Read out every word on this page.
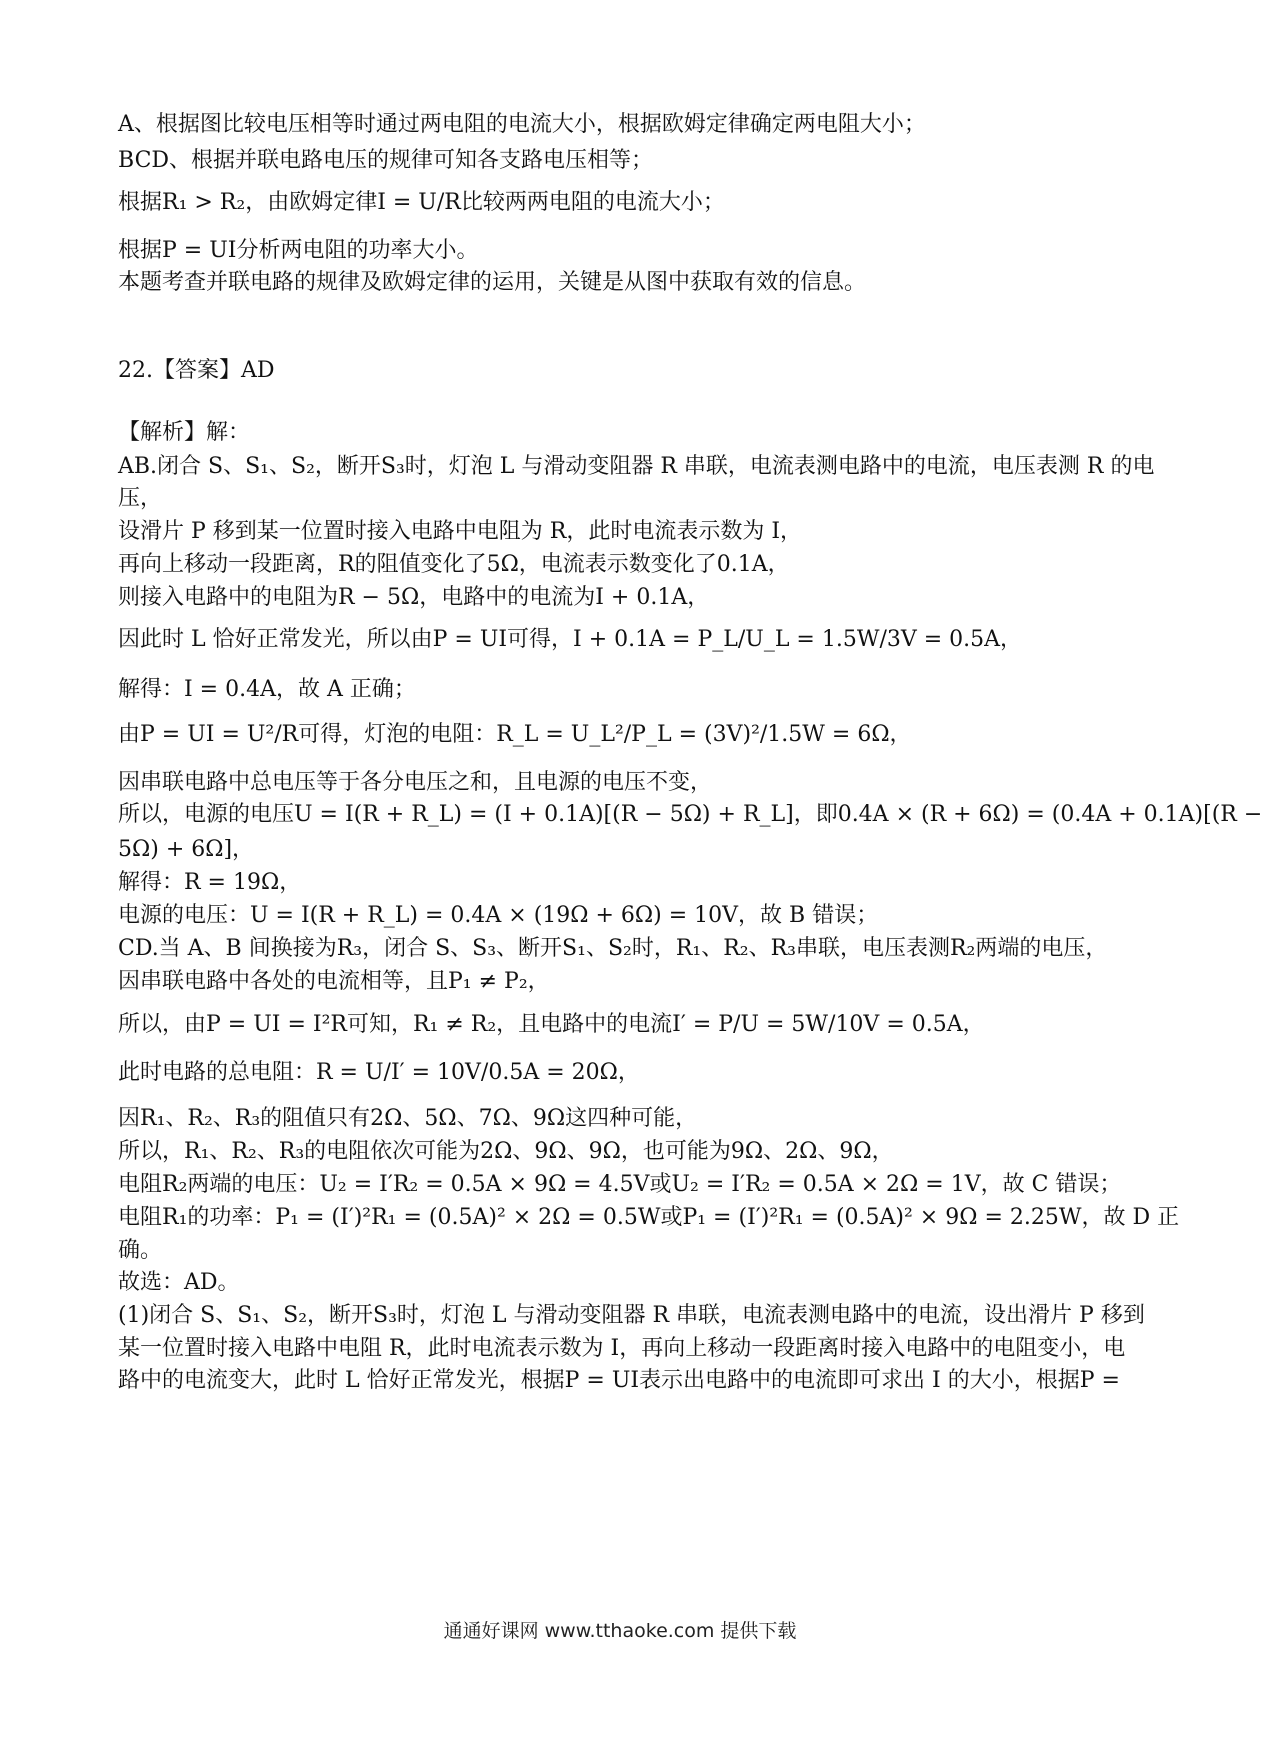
A、根据图比较电压相等时通过两电阻的电流大小，根据欧姆定律确定两电阻大小；
BCD、根据并联电路电压的规律可知各支路电压相等；
根据R₁ > R₂，由欧姆定律I = U/R比较两两电阻的电流大小；
根据P = UI分析两电阻的功率大小。
本题考查并联电路的规律及欧姆定律的运用，关键是从图中获取有效的信息。
22.【答案】AD
【解析】解：
AB.闭合 S、S₁、S₂，断开S₃时，灯泡 L 与滑动变阻器 R 串联，电流表测电路中的电流，电压表测 R 的电
压，
设滑片 P 移到某一位置时接入电路中电阻为 R，此时电流表示数为 I，
再向上移动一段距离，R的阻值变化了5Ω，电流表示数变化了0.1A，
则接入电路中的电阻为R − 5Ω，电路中的电流为I + 0.1A，
因此时 L 恰好正常发光，所以由P = UI可得，I + 0.1A = P_L/U_L = 1.5W/3V = 0.5A，
解得：I = 0.4A，故 A 正确；
由P = UI = U²/R可得，灯泡的电阻：R_L = U_L²/P_L = (3V)²/1.5W = 6Ω，
因串联电路中总电压等于各分电压之和，且电源的电压不变，
所以，电源的电压U = I(R + R_L) = (I + 0.1A)[(R − 5Ω) + R_L]，即0.4A × (R + 6Ω) = (0.4A + 0.1A)[(R −
5Ω) + 6Ω]，
解得：R = 19Ω，
电源的电压：U = I(R + R_L) = 0.4A × (19Ω + 6Ω) = 10V，故 B 错误；
CD.当 A、B 间换接为R₃，闭合 S、S₃、断开S₁、S₂时，R₁、R₂、R₃串联，电压表测R₂两端的电压，
因串联电路中各处的电流相等，且P₁ ≠ P₂，
所以，由P = UI = I²R可知，R₁ ≠ R₂，且电路中的电流I′ = P/U = 5W/10V = 0.5A，
此时电路的总电阻：R = U/I′ = 10V/0.5A = 20Ω，
因R₁、R₂、R₃的阻值只有2Ω、5Ω、7Ω、9Ω这四种可能，
所以，R₁、R₂、R₃的电阻依次可能为2Ω、9Ω、9Ω，也可能为9Ω、2Ω、9Ω，
电阻R₂两端的电压：U₂ = I′R₂ = 0.5A × 9Ω = 4.5V或U₂ = I′R₂ = 0.5A × 2Ω = 1V，故 C 错误；
电阻R₁的功率：P₁ = (I′)²R₁ = (0.5A)² × 2Ω = 0.5W或P₁ = (I′)²R₁ = (0.5A)² × 9Ω = 2.25W，故 D 正
确。
故选：AD。
(1)闭合 S、S₁、S₂，断开S₃时，灯泡 L 与滑动变阻器 R 串联，电流表测电路中的电流，设出滑片 P 移到
某一位置时接入电路中电阻 R，此时电流表示数为 I，再向上移动一段距离时接入电路中的电阻变小，电
路中的电流变大，此时 L 恰好正常发光，根据P = UI表示出电路中的电流即可求出 I 的大小，根据P =
通通好课网 www.tthaoke.com 提供下载
